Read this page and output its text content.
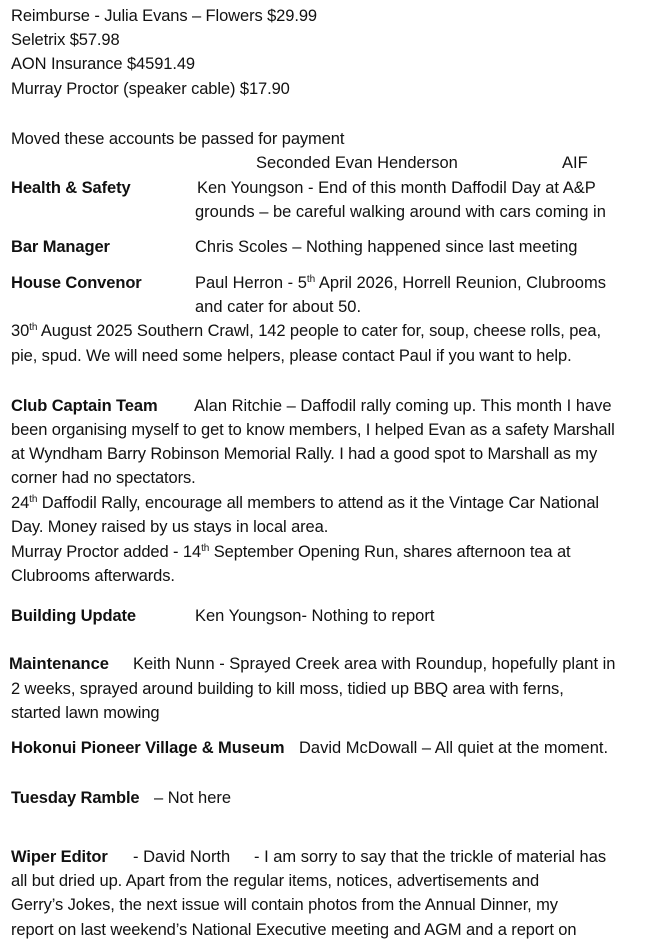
Reimburse - Julia Evans – Flowers $29.99
Seletrix $57.98
AON Insurance $4591.49
Murray Proctor (speaker cable) $17.90
Moved these accounts be passed for payment
Seconded Evan Henderson	AIF
Health & Safety	Ken Youngson - End of this month Daffodil Day at A&P
grounds – be careful walking around with cars coming in
Bar Manager	Chris Scoles – Nothing happened since last meeting
House Convenor	Paul Herron - 5th April 2026, Horrell Reunion, Clubrooms
and cater for about 50.
30th August 2025 Southern Crawl, 142 people to cater for, soup, cheese rolls, pea,
pie, spud. We will need some helpers, please contact Paul if you want to help.
Club Captain Team Alan Ritchie – Daffodil rally coming up. This month I have
been organising myself to get to know members, I helped Evan as a safety Marshall
at Wyndham Barry Robinson Memorial Rally. I had a good spot to Marshall as my
corner had no spectators.
24th Daffodil Rally, encourage all members to attend as it the Vintage Car National
Day. Money raised by us stays in local area.
Murray Proctor added - 14th September Opening Run, shares afternoon tea at
Clubrooms afterwards.
Building Update	Ken Youngson- Nothing to report
Maintenance Keith Nunn - Sprayed Creek area with Roundup, hopefully plant in
2 weeks, sprayed around building to kill moss, tidied up BBQ area with ferns,
started lawn mowing
Hokonui Pioneer Village & Museum David McDowall – All quiet at the moment.
Tuesday Ramble – Not here
Wiper Editor - David North - I am sorry to say that the trickle of material has
all but dried up. Apart from the regular items, notices, advertisements and
Gerry’s Jokes, the next issue will contain photos from the Annual Dinner, my
report on last weekend’s National Executive meeting and AGM and a report on
